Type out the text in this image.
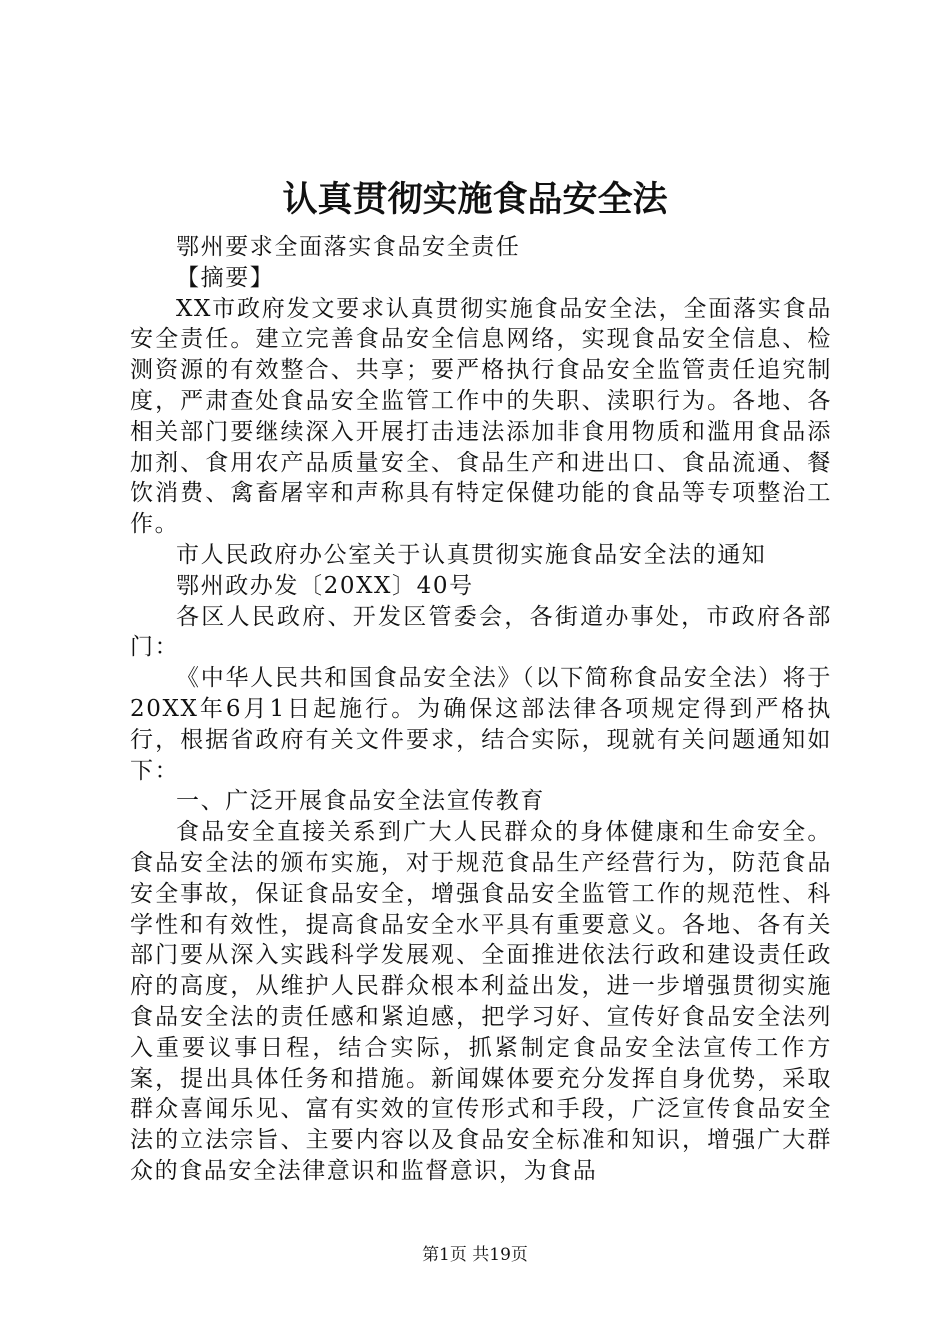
认真贯彻实施食品安全法

鄂州要求全面落实食品安全责任

【摘要】

XX市政府发文要求认真贯彻实施食品安全法，全面落实食品安全责任。建立完善食品安全信息网络，实现食品安全信息、检测资源的有效整合、共享；要严格执行食品安全监管责任追究制度，严肃查处食品安全监管工作中的失职、渎职行为。各地、各相关部门要继续深入开展打击违法添加非食用物质和滥用食品添加剂、食用农产品质量安全、食品生产和进出口、食品流通、餐饮消费、禽畜屠宰和声称具有特定保健功能的食品等专项整治工作。

市人民政府办公室关于认真贯彻实施食品安全法的通知

鄂州政办发〔20XX〕40号

各区人民政府、开发区管委会，各街道办事处，市政府各部门：

《中华人民共和国食品安全法》（以下简称食品安全法）将于20XX年6月1日起施行。为确保这部法律各项规定得到严格执行，根据省政府有关文件要求，结合实际，现就有关问题通知如下：

一、广泛开展食品安全法宣传教育

食品安全直接关系到广大人民群众的身体健康和生命安全。食品安全法的颁布实施，对于规范食品生产经营行为，防范食品安全事故，保证食品安全，增强食品安全监管工作的规范性、科学性和有效性，提高食品安全水平具有重要意义。各地、各有关部门要从深入实践科学发展观、全面推进依法行政和建设责任政府的高度，从维护人民群众根本利益出发，进一步增强贯彻实施食品安全法的责任感和紧迫感，把学习好、宣传好食品安全法列入重要议事日程，结合实际，抓紧制定食品安全法宣传工作方案，提出具体任务和措施。新闻媒体要充分发挥自身优势，采取群众喜闻乐见、富有实效的宣传形式和手段，广泛宣传食品安全法的立法宗旨、主要内容以及食品安全标准和知识，增强广大群众的食品安全法律意识和监督意识，为食品

第1页 共19页
